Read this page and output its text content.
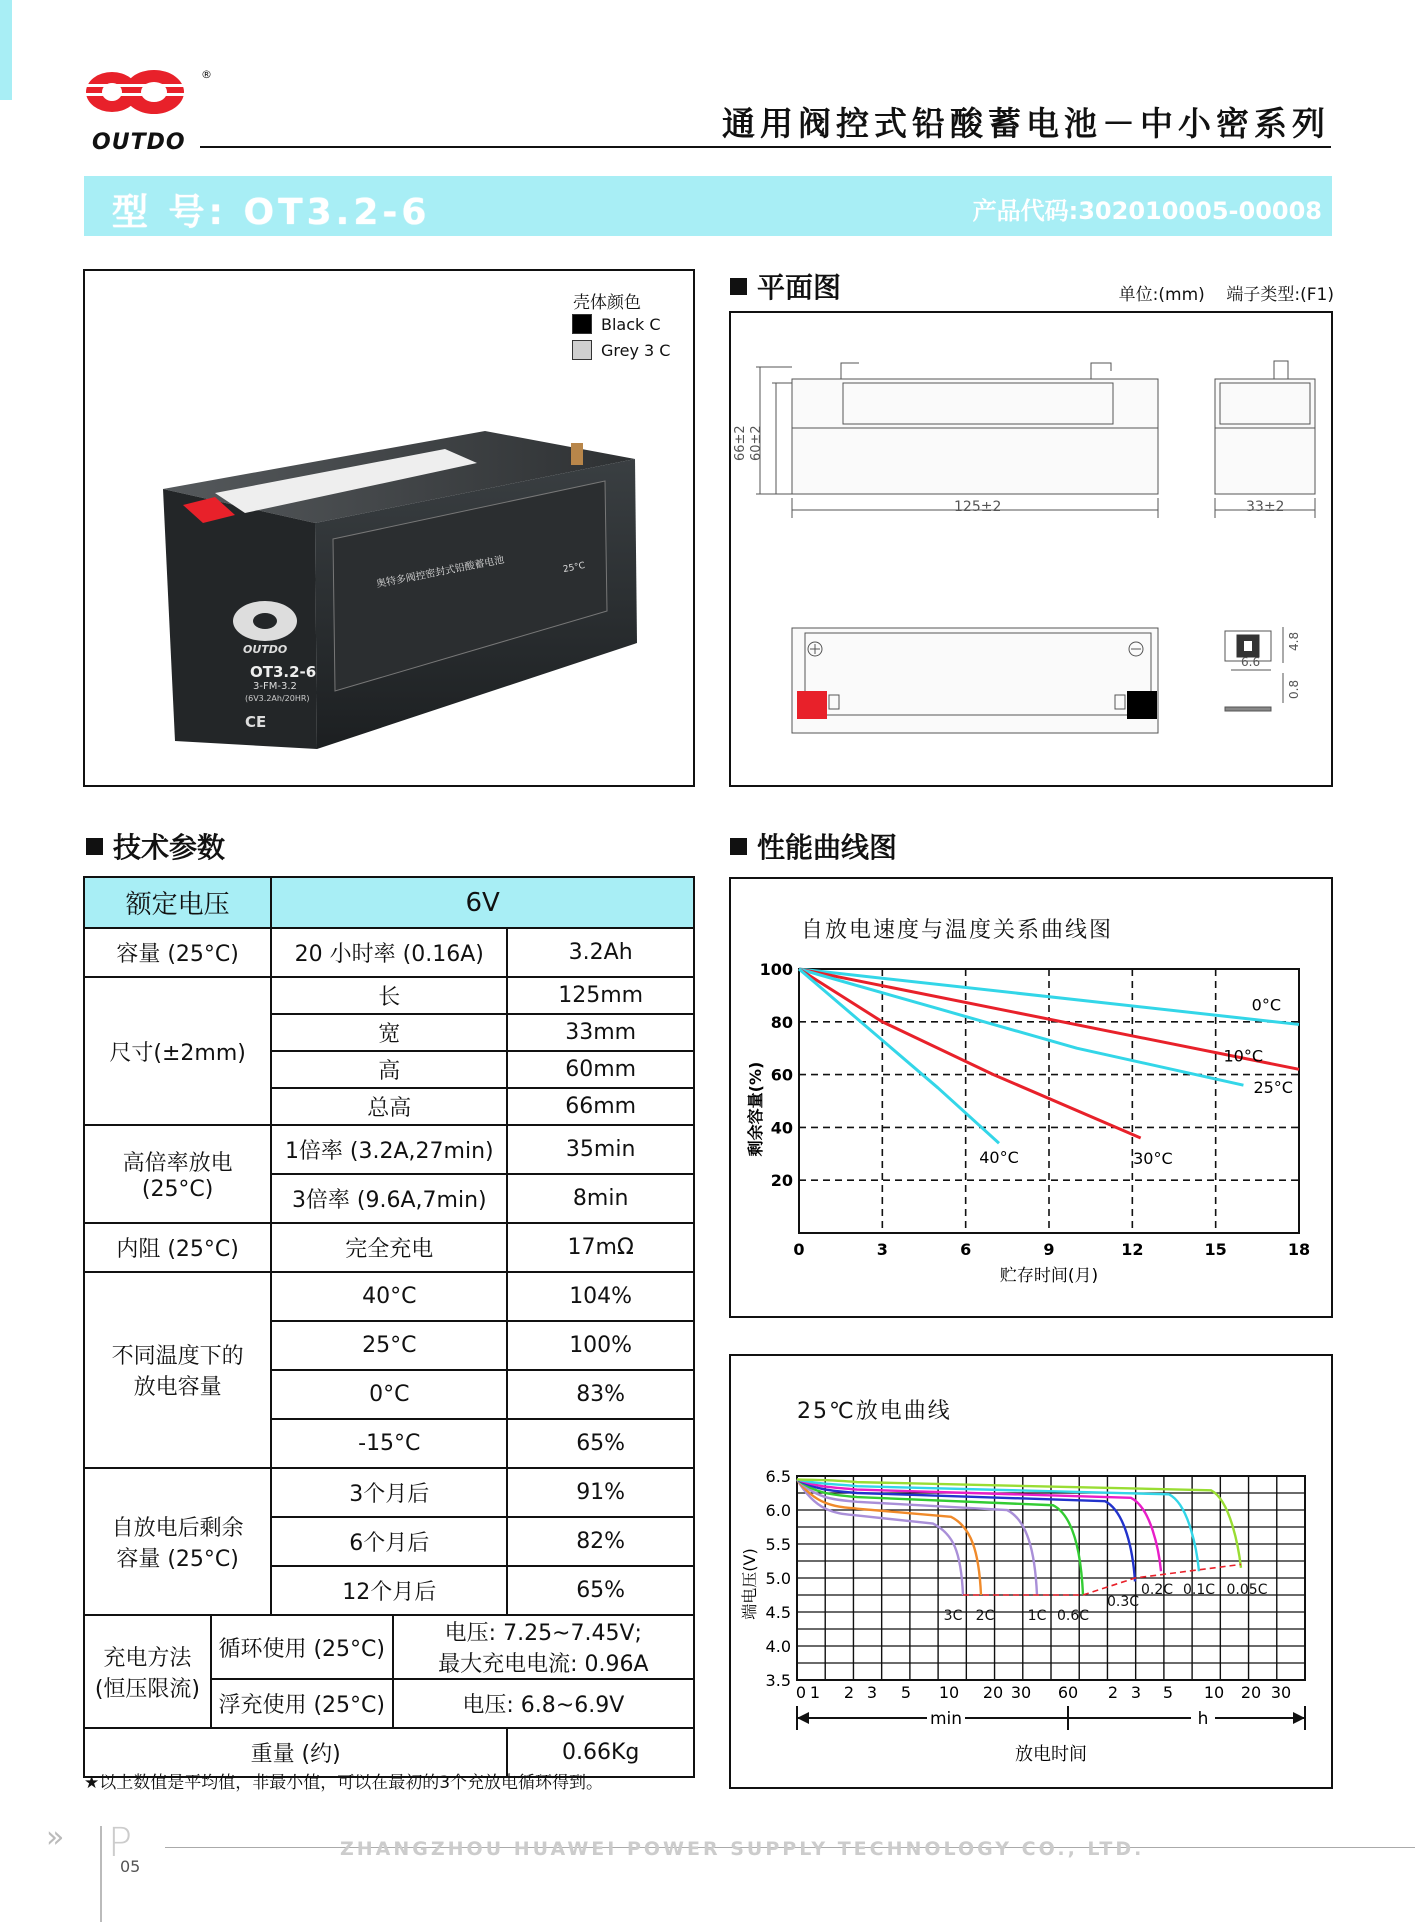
®
OUTDO	通用阀控式铅酸蓄电池－中小密系列
型 号: OT3.2-6	产品代码:302010005-00008
奥特多阀控密封式铅酸蓄电池	25°C
OUTDO
OT3.2-6
3-FM-3.2
(6V3.2Ah/20HR)
CE
壳体颜色
Black C
Grey 3 C
平面图	单位:(mm) 端子类型:(F1)
66±2 60±2
125±2	33±2
6.6
4.8
0.8
技术参数
额定电压		6V		
容量 (25°C)		20 小时率 (0.16A)		3.2Ah
尺寸(±2mm)		长		125mm
		宽		33mm
		高		60mm
		总高		66mm
高倍率放电
(25°C)		1倍率 (3.2A,27min)		35min
		3倍率 (9.6A,7min)		8min
内阻 (25°C)		完全充电		17mΩ
不同温度下的
放电容量		40°C		104%
		25°C		100%
		0°C		83%
		-15°C		65%
自放电后剩余
容量 (25°C)		3个月后		91%
		6个月后		82%
		12个月后		65%
充电方法
(恒压限流)	循环使用 (25°C)		电压: 7.25~7.45V;
最大充电电流: 0.96A	
	浮充使用 (25°C)		电压: 6.8~6.9V	
重量 (约)				0.66Kg
★以上数值是平均值，非最小值，可以在最初的3个充放电循环得到。
性能曲线图
自放电速度与温度关系曲线图
0	3	6	9	12	15	18
100
80
60
40
20
贮存时间(月)
剩余容量(%)
0°C
10°C
25°C
30°C
40°C
25℃放电曲线
6.5
6.0
5.5
5.0
4.5
4.0
3.5
0 1 2 3 5 10 20 30 60 2 3 5 10 20 30
端电压(V)
min	h
放电时间
3C 2C 1C 0.6C
0.3C
0.2C 0.1C 0.05C
» P
05
ZHANGZHOU HUAWEI POWER SUPPLY TECHNOLOGY CO., LTD.
